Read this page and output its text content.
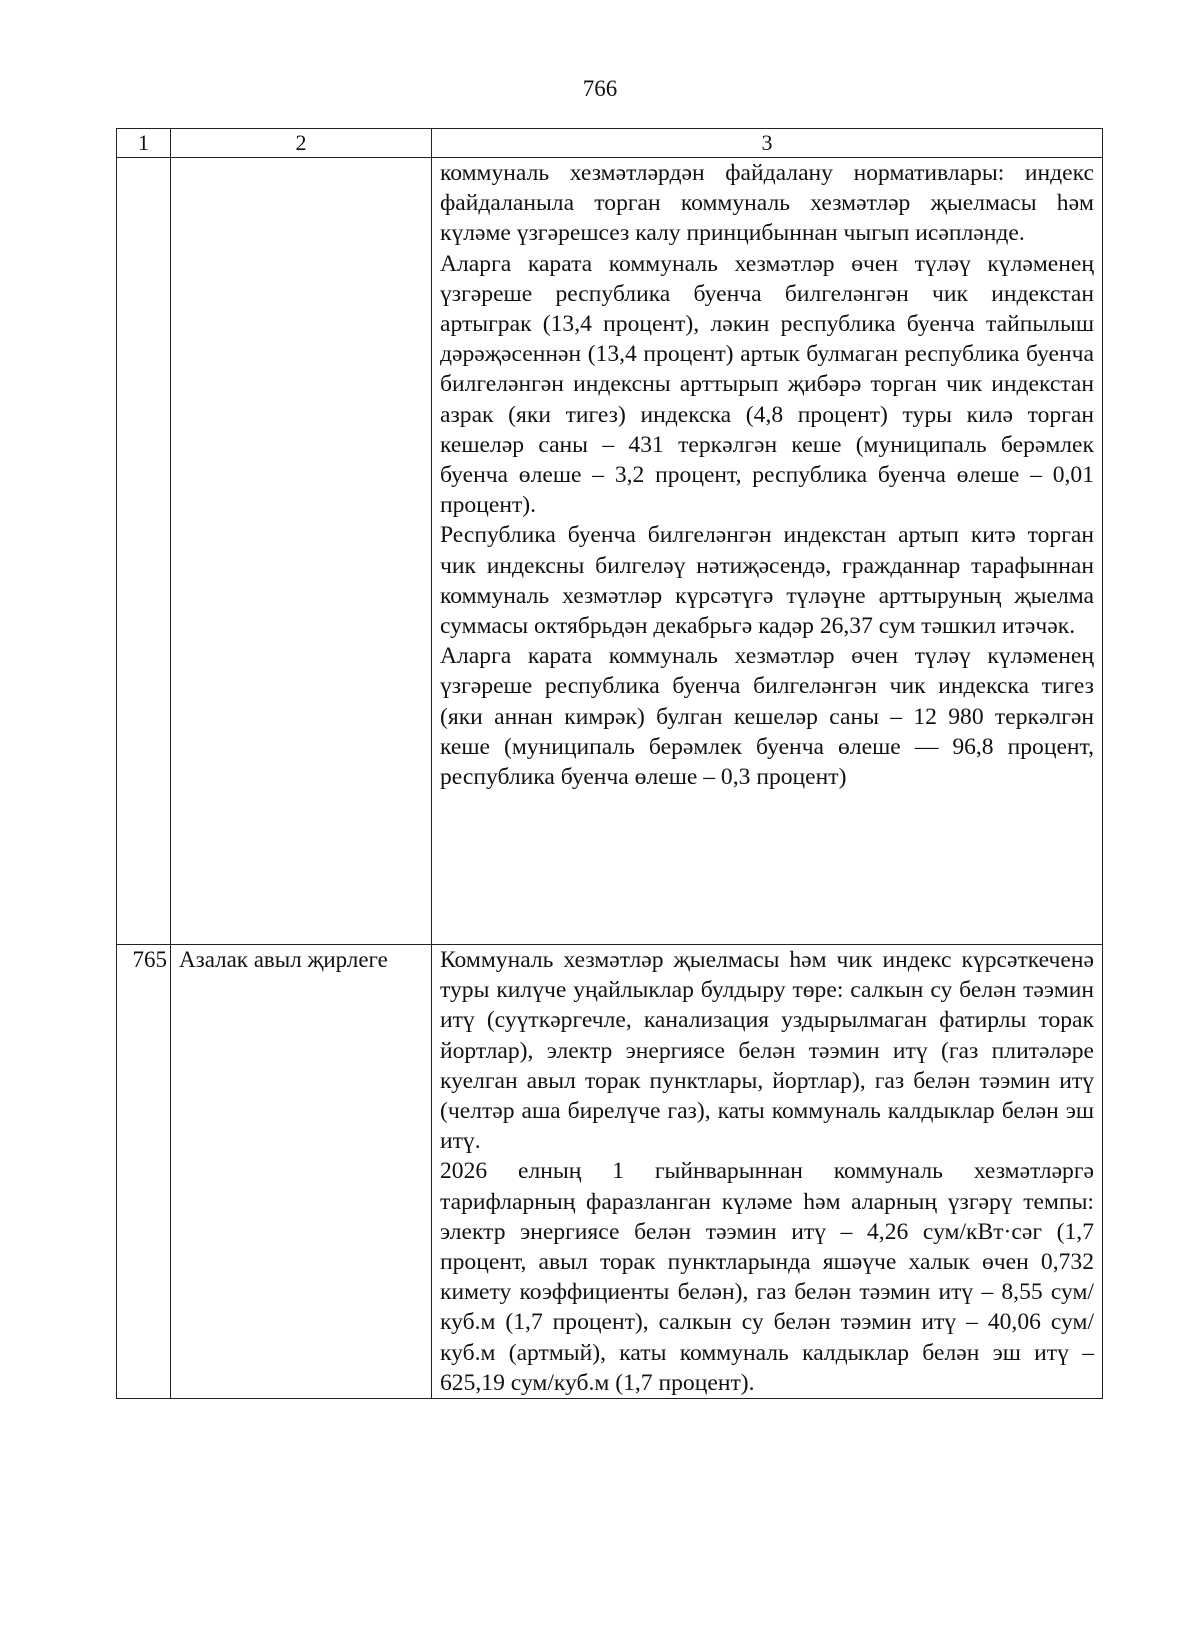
766
1	2	3

		коммуналь хезмәтләрдән файдалану нормативлары: индекс файдаланыла торган коммуналь хезмәтләр җыелмасы һәм күләме үзгәрешсез калу принцибыннан чыгып исәпләнде.
Аларга карата коммуналь хезмәтләр өчен түләү күләменең үзгәреше республика буенча билгеләнгән чик индекстан артыграк (13,4 процент), ләкин республика буенча тайпылыш дәрәҗәсеннән (13,4 процент) артык булмаган республика буенча билгеләнгән индексны арттырып җибәрә торган чик индекстан азрак (яки тигез) индекска (4,8 процент) туры килә торган кешеләр саны – 431 теркәлгән кеше (муниципаль берәмлек буенча өлеше – 3,2 процент, республика буенча өлеше – 0,01 процент).
Республика буенча билгеләнгән индекстан артып китә торган чик индексны билгеләү нәтиҗәсендә, гражданнар тарафыннан коммуналь хезмәтләр күрсәтүгә түләүне арттыруның җыелма суммасы октябрьдән декабрьгә кадәр 26,37 сум тәшкил итәчәк.
Аларга карата коммуналь хезмәтләр өчен түләү күләменең үзгәреше республика буенча билгеләнгән чик индекска тигез (яки аннан кимрәк) булган кешеләр саны – 12 980 теркәлгән кеше (муниципаль берәмлек буенча өлеше — 96,8 процент, республика буенча өлеше – 0,3 процент)

765	Азалак авыл җирлеге	Коммуналь хезмәтләр җыелмасы һәм чик индекс күрсәткеченә туры килүче уңайлыклар булдыру төре: салкын су белән тәэмин итү (суүткәргечле, канализация уздырылмаган фатирлы торак йортлар), электр энергиясе белән тәэмин итү (газ плитәләре куелган авыл торак пунктлары, йортлар), газ белән тәэмин итү (челтәр аша бирелүче газ), каты коммуналь калдыклар белән эш итү.
2026 елның 1 гыйнварыннан коммуналь хезмәтләргә тарифларның фаразланган күләме һәм аларның үзгәрү темпы: электр энергиясе белән тәэмин итү – 4,26 сум/кВт·сәг (1,7 процент, авыл торак пунктларында яшәүче халык өчен 0,732 кимету коэффициенты белән), газ белән тәэмин итү – 8,55 сум/куб.м (1,7 процент), салкын су белән тәэмин итү – 40,06 сум/куб.м (артмый), каты коммуналь калдыклар белән эш итү – 625,19 сум/куб.м (1,7 процент).
